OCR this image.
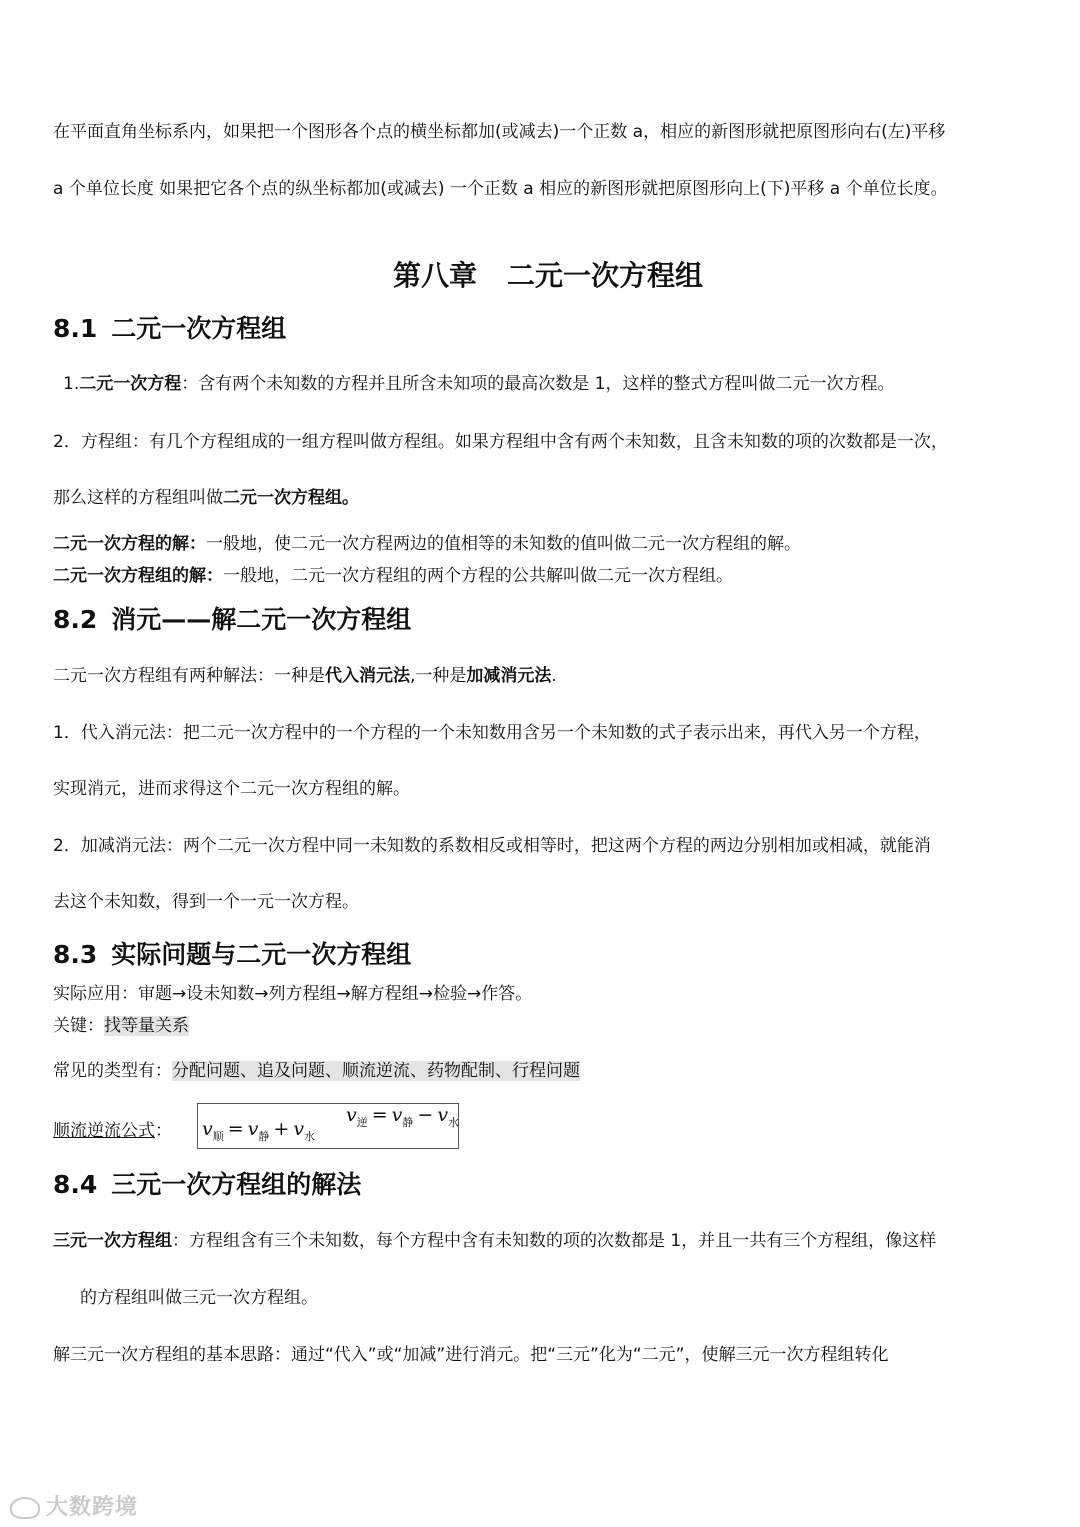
在平面直角坐标系内，如果把一个图形各个点的横坐标都加(或减去)一个正数 a，相应的新图形就把原图形向右(左)平移
a 个单位长度 如果把它各个点的纵坐标都加(或减去) 一个正数 a 相应的新图形就把原图形向上(下)平移 a 个单位长度。
第八章 二元一次方程组
8.1 二元一次方程组
1.二元一次方程：含有两个未知数的方程并且所含未知项的最高次数是 1，这样的整式方程叫做二元一次方程。
2．方程组：有几个方程组成的一组方程叫做方程组。如果方程组中含有两个未知数，且含未知数的项的次数都是一次，
那么这样的方程组叫做二元一次方程组。
二元一次方程的解：一般地，使二元一次方程两边的值相等的未知数的值叫做二元一次方程组的解。
二元一次方程组的解：一般地，二元一次方程组的两个方程的公共解叫做二元一次方程组。
8.2 消元——解二元一次方程组
二元一次方程组有两种解法：一种是代入消元法,一种是加减消元法.
1．代入消元法：把二元一次方程中的一个方程的一个未知数用含另一个未知数的式子表示出来，再代入另一个方程，
实现消元，进而求得这个二元一次方程组的解。
2．加减消元法：两个二元一次方程中同一未知数的系数相反或相等时，把这两个方程的两边分别相加或相减，就能消
去这个未知数，得到一个一元一次方程。
8.3 实际问题与二元一次方程组
实际应用：审题→设未知数→列方程组→解方程组→检验→作答。
关键：找等量关系
常见的类型有：分配问题、追及问题、顺流逆流、药物配制、行程问题
顺流逆流公式： $v_顺 = v_静 + v_水$
$v_逆 = v_静 - v_水$
8.4 三元一次方程组的解法
三元一次方程组：方程组含有三个未知数，每个方程中含有未知数的项的次数都是 1，并且一共有三个方程组，像这样
的方程组叫做三元一次方程组。
解三元一次方程组的基本思路：通过“代入”或“加减”进行消元。把“三元”化为“二元”，使解三元一次方程组转化
大数跨境
